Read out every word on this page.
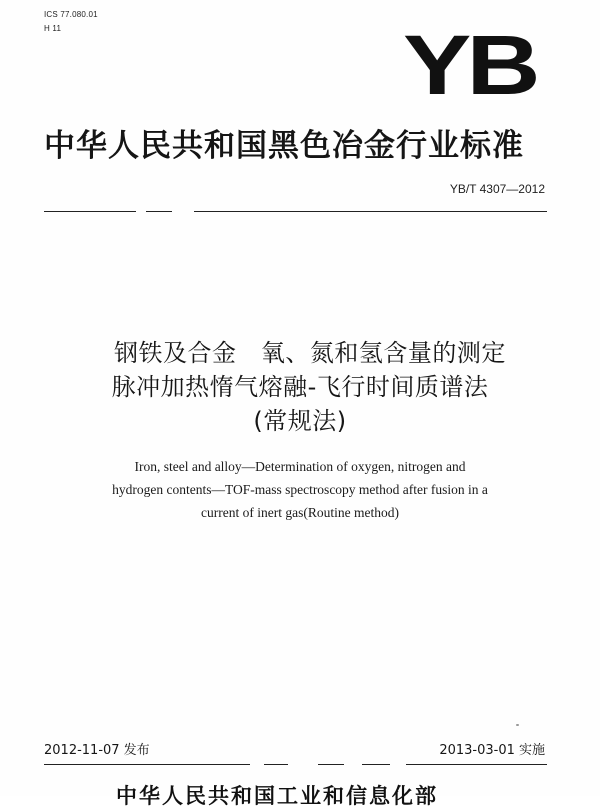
ICS 77.080.01
H 11	YB
中华人民共和国黑色冶金行业标准
YB/T 4307—2012
钢铁及合金   氧、氮和氢含量的测定
脉冲加热惰气熔融-飞行时间质谱法
(常规法)
Iron, steel and alloy—Determination of oxygen, nitrogen and
hydrogen contents—TOF-mass spectroscopy method after fusion in a
current of inert gas(Routine method)
2012-11-07 发布	2013-03-01 实施
中华人民共和国工业和信息化部
